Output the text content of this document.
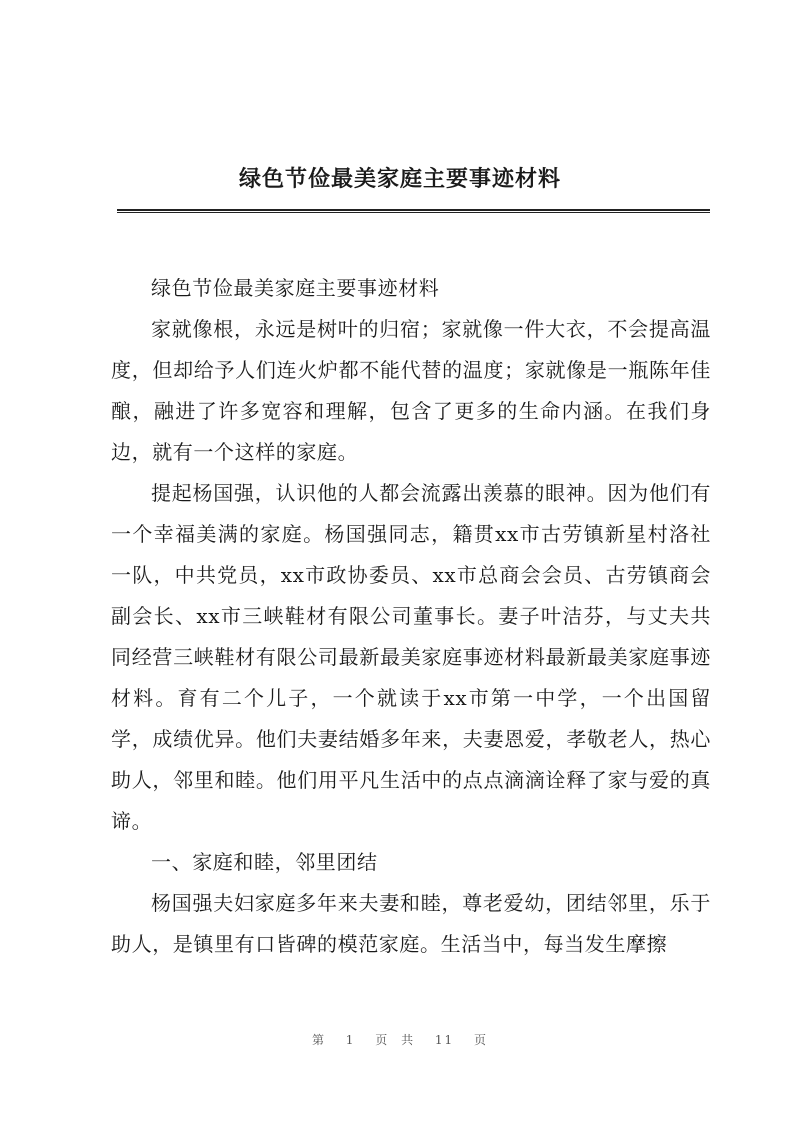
绿色节俭最美家庭主要事迹材料

绿色节俭最美家庭主要事迹材料

家就像根，永远是树叶的归宿；家就像一件大衣，不会提高温度，但却给予人们连火炉都不能代替的温度；家就像是一瓶陈年佳酿，融进了许多宽容和理解，包含了更多的生命内涵。在我们身边，就有一个这样的家庭。

提起杨国强，认识他的人都会流露出羡慕的眼神。因为他们有一个幸福美满的家庭。杨国强同志，籍贯xx市古劳镇新星村洛社一队，中共党员，xx市政协委员、xx市总商会会员、古劳镇商会副会长、xx市三峡鞋材有限公司董事长。妻子叶洁芬，与丈夫共同经营三峡鞋材有限公司最新最美家庭事迹材料最新最美家庭事迹材料。育有二个儿子，一个就读于xx市第一中学，一个出国留学，成绩优异。他们夫妻结婚多年来，夫妻恩爱，孝敬老人，热心助人，邻里和睦。他们用平凡生活中的点点滴滴诠释了家与爱的真谛。

一、家庭和睦，邻里团结

杨国强夫妇家庭多年来夫妻和睦，尊老爱幼，团结邻里，乐于助人，是镇里有口皆碑的模范家庭。生活当中，每当发生摩擦

第 1 页 共 11 页
